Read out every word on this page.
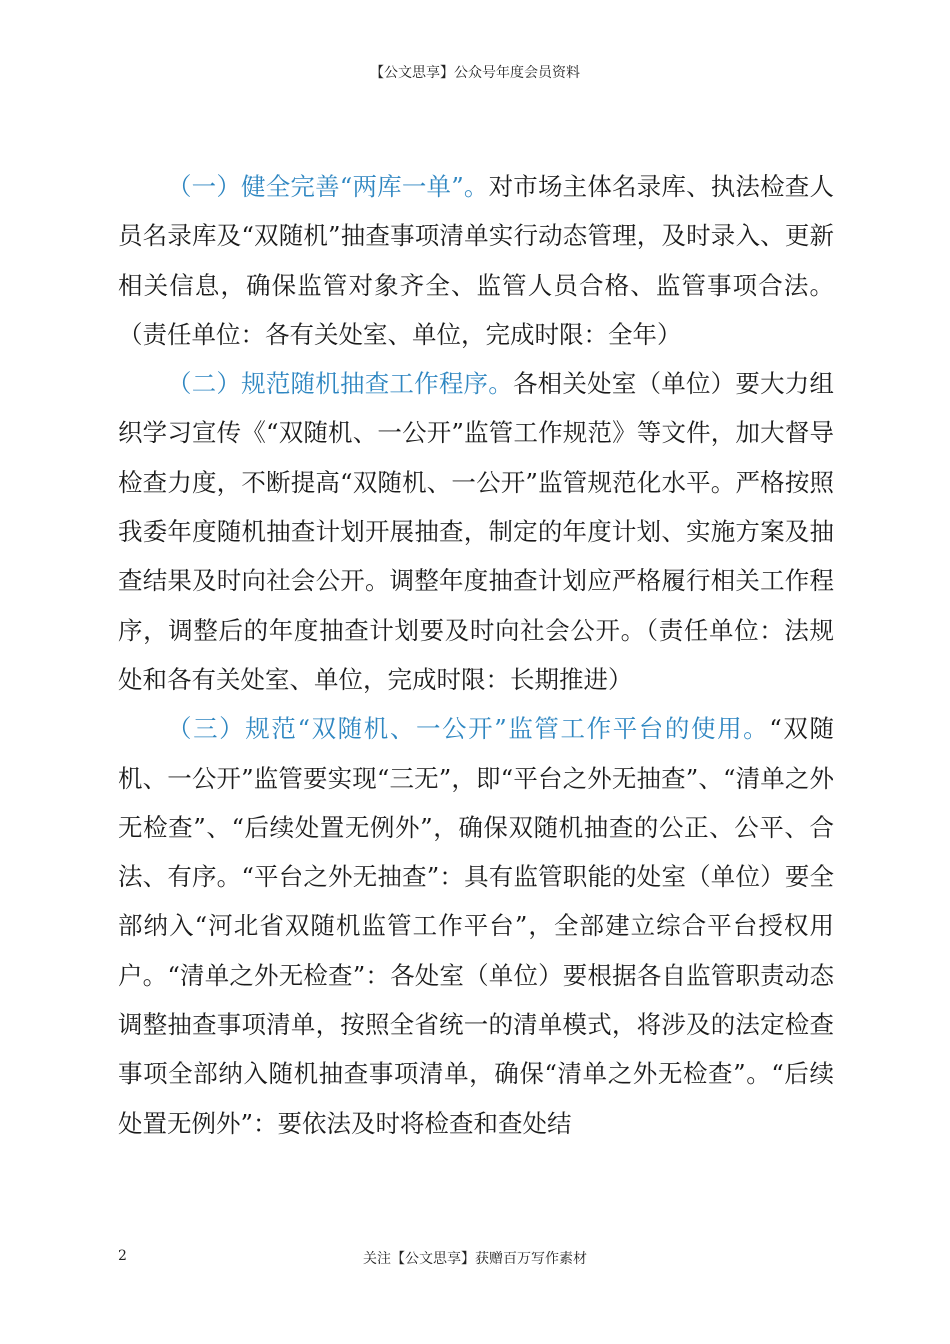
【公文思享】公众号年度会员资料

（一）健全完善“两库一单”。对市场主体名录库、执法检查人员名录库及“双随机”抽查事项清单实行动态管理，及时录入、更新相关信息，确保监管对象齐全、监管人员合格、监管事项合法。（责任单位：各有关处室、单位，完成时限：全年）

（二）规范随机抽查工作程序。各相关处室（单位）要大力组织学习宣传《“双随机、一公开”监管工作规范》等文件，加大督导检查力度，不断提高“双随机、一公开”监管规范化水平。严格按照我委年度随机抽查计划开展抽查，制定的年度计划、实施方案及抽查结果及时向社会公开。调整年度抽查计划应严格履行相关工作程序，调整后的年度抽查计划要及时向社会公开。（责任单位：法规处和各有关处室、单位，完成时限：长期推进）

（三）规范“双随机、一公开”监管工作平台的使用。“双随机、一公开”监管要实现“三无”，即“平台之外无抽查”、“清单之外无检查”、“后续处置无例外”，确保双随机抽查的公正、公平、合法、有序。“平台之外无抽查”：具有监管职能的处室（单位）要全部纳入“河北省双随机监管工作平台”，全部建立综合平台授权用户。“清单之外无检查”：各处室（单位）要根据各自监管职责动态调整抽查事项清单，按照全省统一的清单模式，将涉及的法定检查事项全部纳入随机抽查事项清单，确保“清单之外无检查”。“后续处置无例外”：要依法及时将检查和查处结

2	关注【公文思享】获赠百万写作素材
